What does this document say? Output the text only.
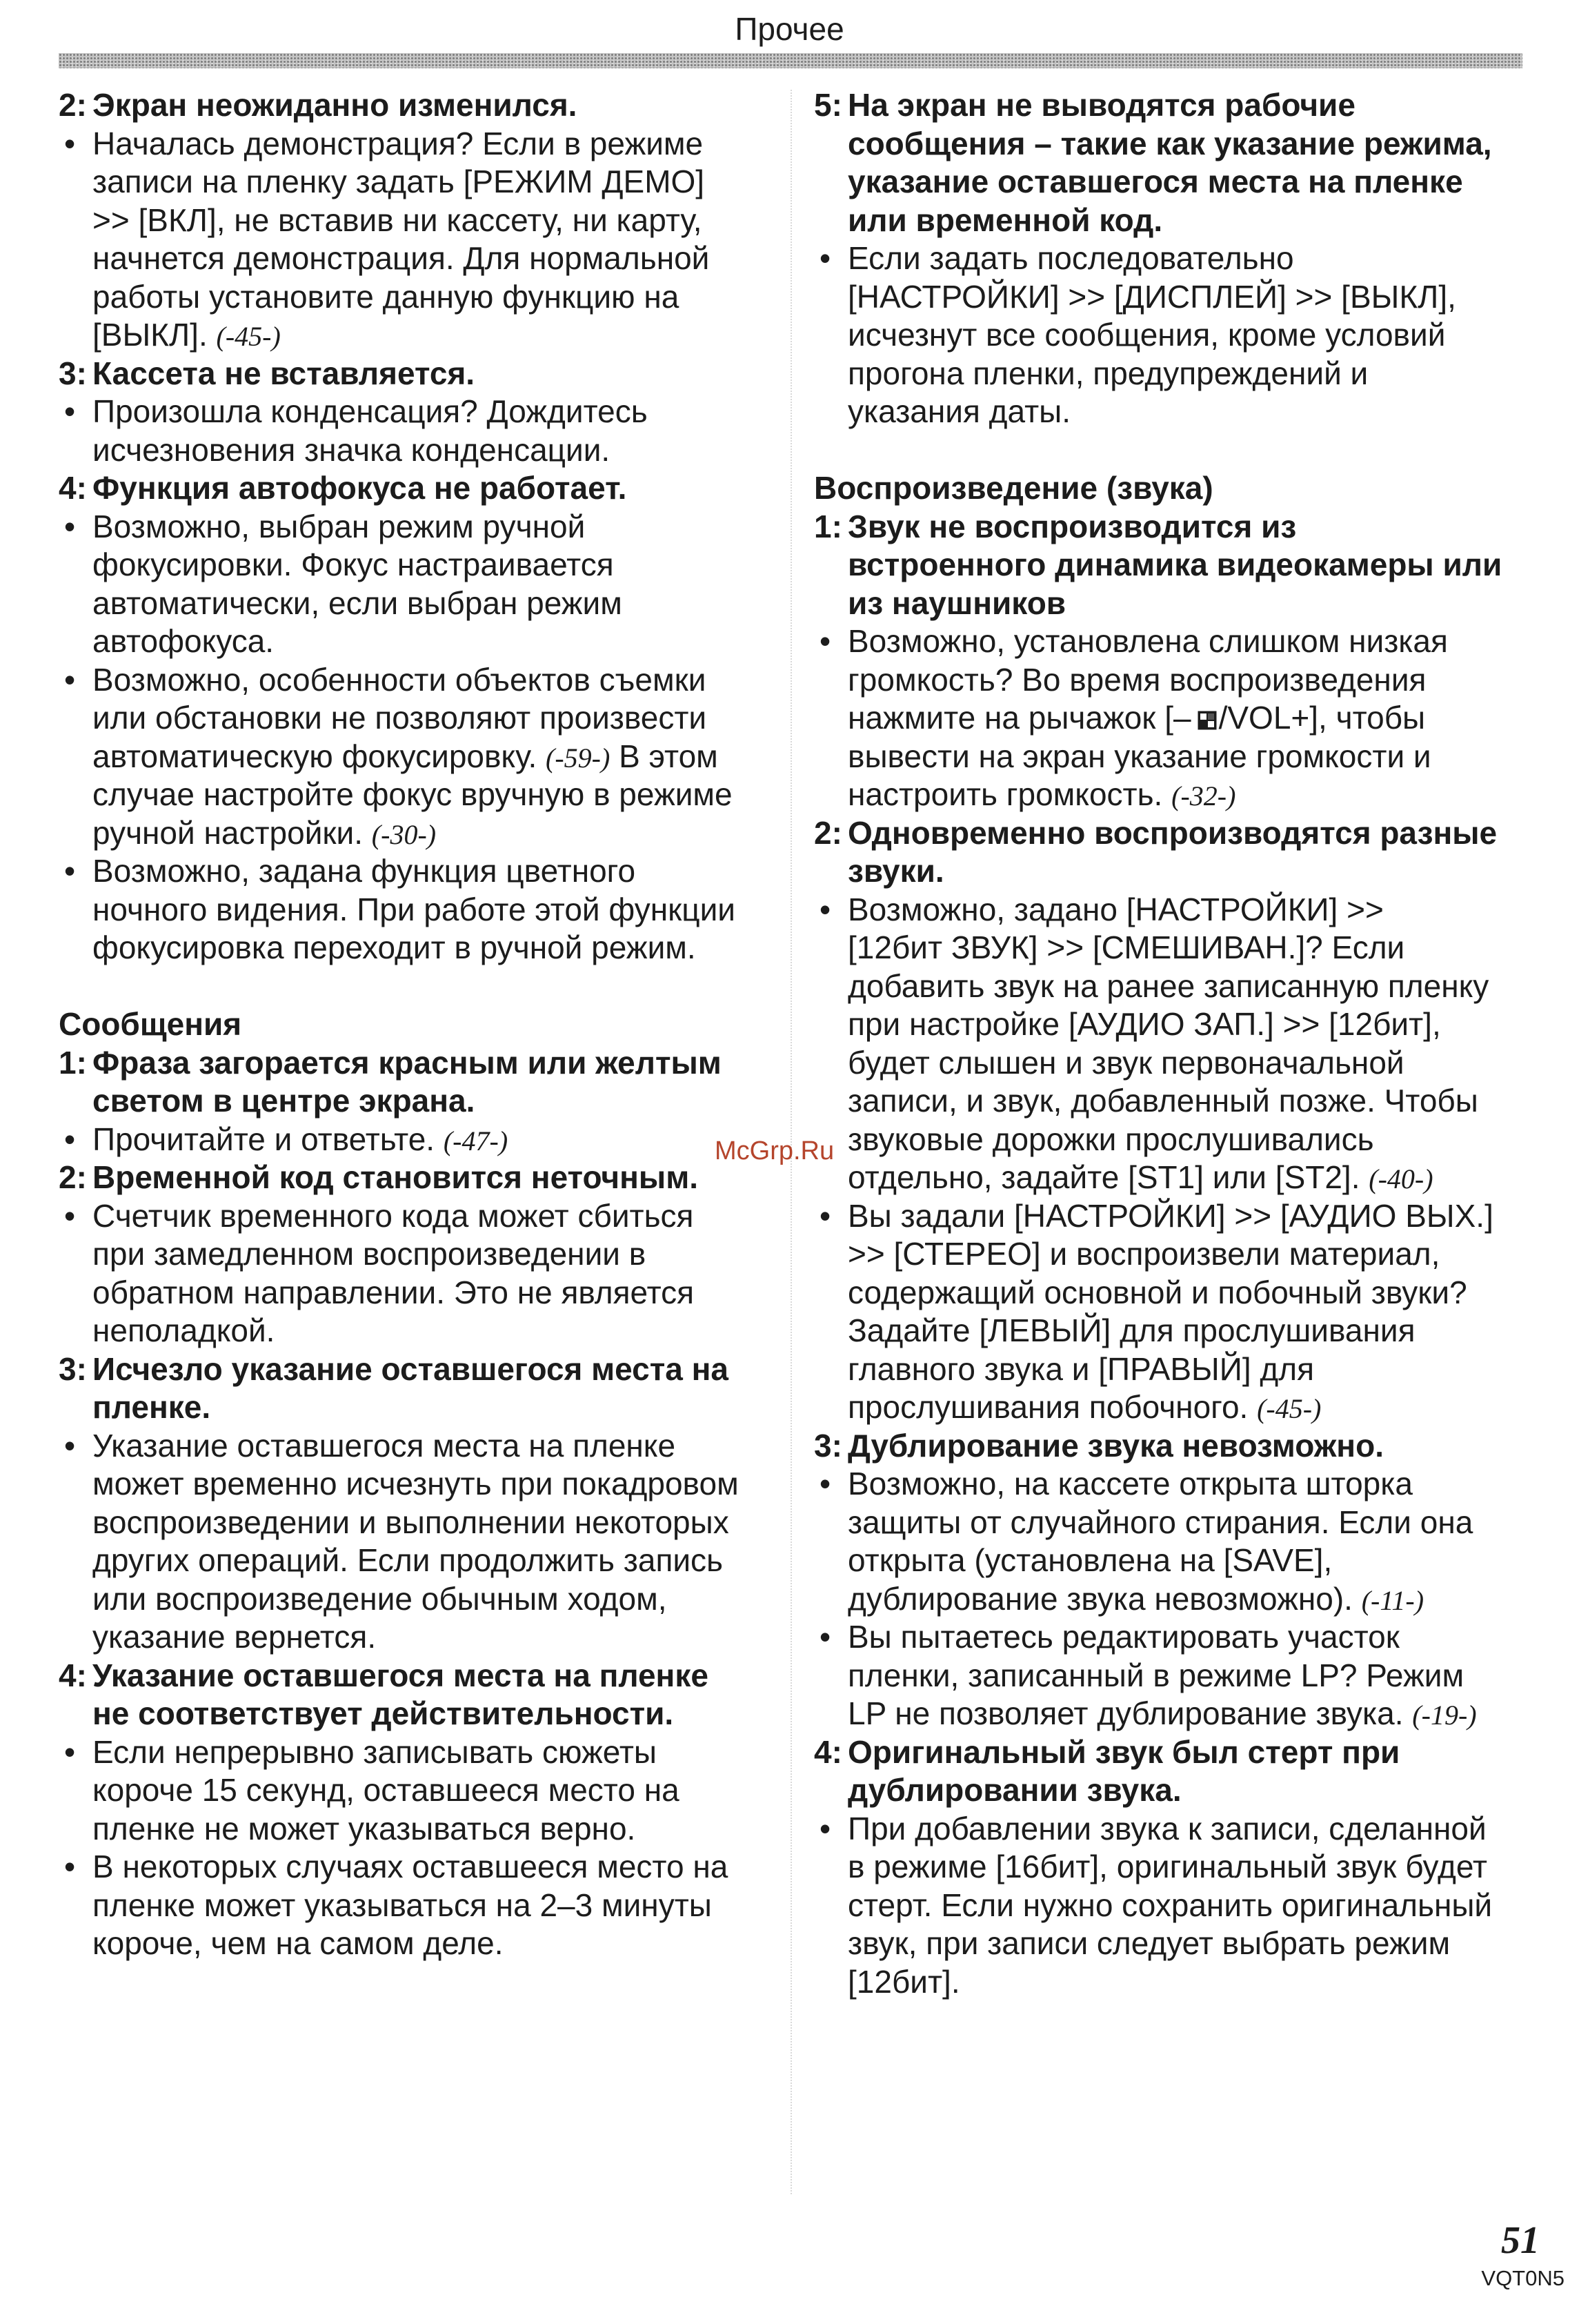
Прочее
2: Экран неожиданно изменился.
• Началась демонстрация? Если в режиме
записи на пленку задать [РЕЖИМ ДЕМО]
>> [ВКЛ], не вставив ни кассету, ни карту,
начнется демонстрация. Для нормальной
работы установите данную функцию на
[ВЫКЛ]. (-45-)
3: Кассета не вставляется.
• Произошла конденсация? Дождитесь
исчезновения значка конденсации.
4: Функция автофокуса не работает.
• Возможно, выбран режим ручной
фокусировки. Фокус настраивается
автоматически, если выбран режим
автофокуса.
• Возможно, особенности объектов съемки
или обстановки не позволяют произвести
автоматическую фокусировку. (-59-) В этом
случае настройте фокус вручную в режиме
ручной настройки. (-30-)
• Возможно, задана функция цветного
ночного видения. При работе этой функции
фокусировка переходит в ручной режим.
Сообщения
1: Фраза загорается красным или желтым
светом в центре экрана.
• Прочитайте и ответьте. (-47-)
2: Временной код становится неточным.
• Счетчик временного кода может сбиться
при замедленном воспроизведении в
обратном направлении. Это не является
неполадкой.
3: Исчезло указание оставшегося места на
пленке.
• Указание оставшегося места на пленке
может временно исчезнуть при покадровом
воспроизведении и выполнении некоторых
других операций. Если продолжить запись
или воспроизведение обычным ходом,
указание вернется.
4: Указание оставшегося места на пленке
не соответствует действительности.
• Если непрерывно записывать сюжеты
короче 15 секунд, оставшееся место на
пленке не может указываться верно.
• В некоторых случаях оставшееся место на
пленке может указываться на 2–3 минуты
короче, чем на самом деле.
5: На экран не выводятся рабочие
сообщения – такие как указание режима,
указание оставшегося места на пленке
или временной код.
• Если задать последовательно
[НАСТРОЙКИ] >> [ДИСПЛЕЙ] >> [ВЫКЛ],
исчезнут все сообщения, кроме условий
прогона пленки, предупреждений и
указания даты.
Воспроизведение (звука)
1: Звук не воспроизводится из
встроенного динамика видеокамеры или
из наушников
• Возможно, установлена слишком низкая
громкость? Во время воспроизведения
нажмите на рычажок [– /VOL+], чтобы
вывести на экран указание громкости и
настроить громкость. (-32-)
2: Одновременно воспроизводятся разные
звуки.
• Возможно, задано [НАСТРОЙКИ] >>
[12бит ЗВУК] >> [СМЕШИВАН.]? Если
добавить звук на ранее записанную пленку
при настройке [АУДИО ЗАП.] >> [12бит],
будет слышен и звук первоначальной
записи, и звук, добавленный позже. Чтобы
звуковые дорожки прослушивались
отдельно, задайте [ST1] или [ST2]. (-40-)
• Вы задали [НАСТРОЙКИ] >> [АУДИО ВЫХ.]
>> [СТЕРЕО] и воспроизвели материал,
содержащий основной и побочный звуки?
Задайте [ЛЕВЫЙ] для прослушивания
главного звука и [ПРАВЫЙ] для
прослушивания побочного. (-45-)
3: Дублирование звука невозможно.
• Возможно, на кассете открыта шторка
защиты от случайного стирания. Если она
открыта (установлена на [SAVE],
дублирование звука невозможно). (-11-)
• Вы пытаетесь редактировать участок
пленки, записанный в режиме LP? Режим
LP не позволяет дублирование звука. (-19-)
4: Оригинальный звук был стерт при
дублировании звука.
• При добавлении звука к записи, сделанной
в режиме [16бит], оригинальный звук будет
стерт. Если нужно сохранить оригинальный
звук, при записи следует выбрать режим
[12бит].
McGrp.Ru
51
VQT0N5
